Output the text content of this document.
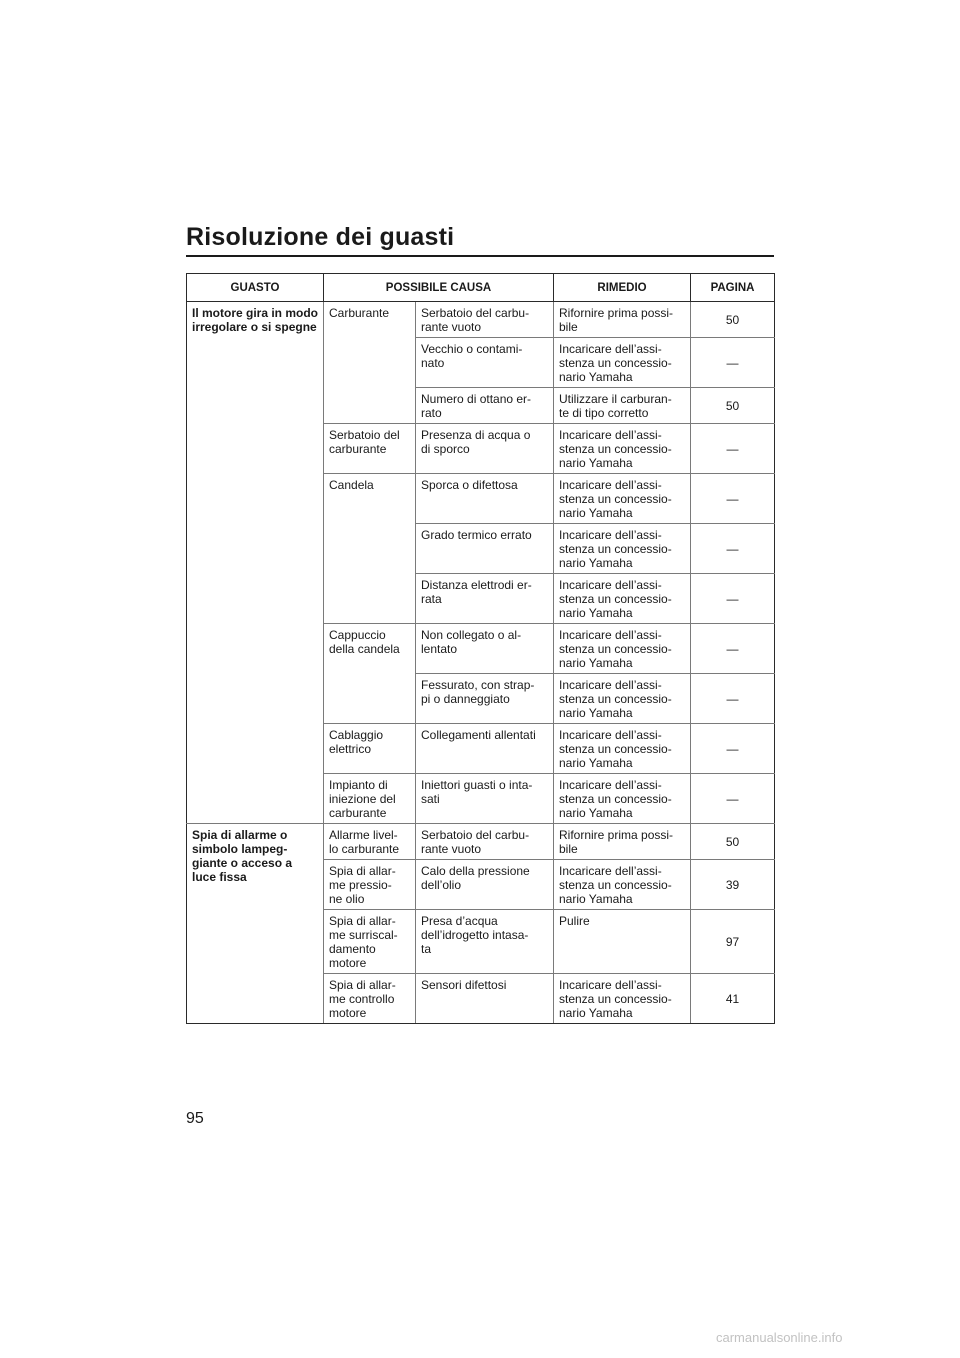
Risoluzione dei guasti
GUASTO	POSSIBILE CAUSA		RIMEDIO	PAGINA
Il motore gira in modo irregolare o si spegne	Carburante	Serbatoio del carbu-
rante vuoto	Rifornire prima possi-
bile	50
		Vecchio o contami-
nato	Incaricare dell’assi-
stenza un concessio-
nario Yamaha	—
		Numero di ottano er-
rato	Utilizzare il carburan-
te di tipo corretto	50
	Serbatoio del
carburante	Presenza di acqua o
di sporco	Incaricare dell’assi-
stenza un concessio-
nario Yamaha	—
	Candela	Sporca o difettosa	Incaricare dell’assi-
stenza un concessio-
nario Yamaha	—
		Grado termico errato	Incaricare dell’assi-
stenza un concessio-
nario Yamaha	—
		Distanza elettrodi er-
rata	Incaricare dell’assi-
stenza un concessio-
nario Yamaha	—
	Cappuccio
della candela	Non collegato o al-
lentato	Incaricare dell’assi-
stenza un concessio-
nario Yamaha	—
		Fessurato, con strap-
pi o danneggiato	Incaricare dell’assi-
stenza un concessio-
nario Yamaha	—
	Cablaggio
elettrico	Collegamenti allentati	Incaricare dell’assi-
stenza un concessio-
nario Yamaha	—
	Impianto di
iniezione del
carburante	Iniettori guasti o inta-
sati	Incaricare dell’assi-
stenza un concessio-
nario Yamaha	—
Spia di allarme o simbolo lampeg-
giante o acceso a luce fissa	Allarme livel-
lo carburante	Serbatoio del carbu-
rante vuoto	Rifornire prima possi-
bile	50
	Spia di allar-
me pressio-
ne olio	Calo della pressione
dell’olio	Incaricare dell’assi-
stenza un concessio-
nario Yamaha	39
	Spia di allar-
me surriscal-
damento
motore	Presa d’acqua
dell’idrogetto intasa-
ta	Pulire	97
	Spia di allar-
me controllo
motore	Sensori difettosi	Incaricare dell’assi-
stenza un concessio-
nario Yamaha	41
95
carmanualsonline.info
